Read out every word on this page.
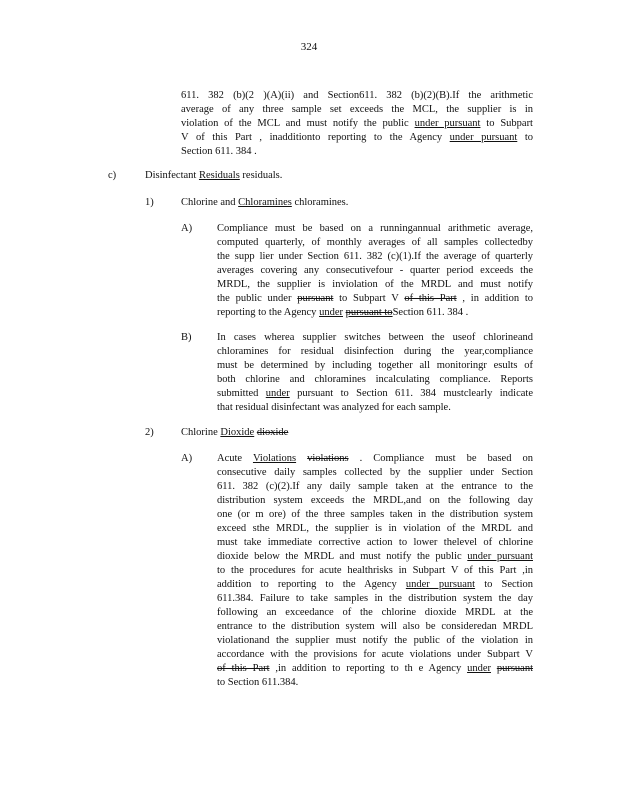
324
611. 382 (b)(2 )(A)(ii) and Section611. 382 (b)(2)(B).If the arithmetic
average of any three sample set exceeds the MCL, the supplier is in
violation of the MCL and must notify the public under pursuant to Subpart
V of this Part , inadditionto reporting to the Agency under pursuant to
Section 611. 384 .
c)	Disinfectant Residuals residuals.
1)	Chlorine and Chloramines chloramines.
A) Compliance must be based on a runningannual arithmetic average,
computed quarterly, of monthly averages of all samples collectedby
the supp lier under Section 611. 382 (c)(1).If the average of quarterly
averages covering any consecutivefour - quarter period exceeds the
MRDL, the supplier is inviolation of the MRDL and must notify
the public under pursuant to Subpart V of this Part , in addition to
reporting to the Agency under pursuant toSection 611. 384 .
B) In cases wherea supplier switches between the useof chlorineand
chloramines for residual disinfection during the year,compliance
must be determined by including together all monitoringr esults of
both chlorine and chloramines incalculating compliance. Reports
submitted under pursuant to Section 611. 384 mustclearly indicate
that residual disinfectant was analyzed for each sample.
2)	Chlorine Dioxide dioxide
A) Acute Violations violations . Compliance must be based on
consecutive daily samples collected by the supplier under Section
611. 382 (c)(2).If any daily sample taken at the entrance to the
distribution system exceeds the MRDL,and on the following day
one (or m ore) of the three samples taken in the distribution system
exceed sthe MRDL, the supplier is in violation of the MRDL and
must take immediate corrective action to lower thelevel of chlorine
dioxide below the MRDL and must notify the public under pursuant
to the procedures for acute healthrisks in Subpart V of this Part ,in
addition to reporting to the Agency under pursuant to Section
611.384. Failure to take samples in the distribution system the day
following an exceedance of the chlorine dioxide MRDL at the
entrance to the distribution system will also be consideredan MRDL
violationand the supplier must notify the public of the violation in
accordance with the provisions for acute violations under Subpart V
of this Part ,in addition to reporting to th e Agency under pursuant
to Section 611.384.
